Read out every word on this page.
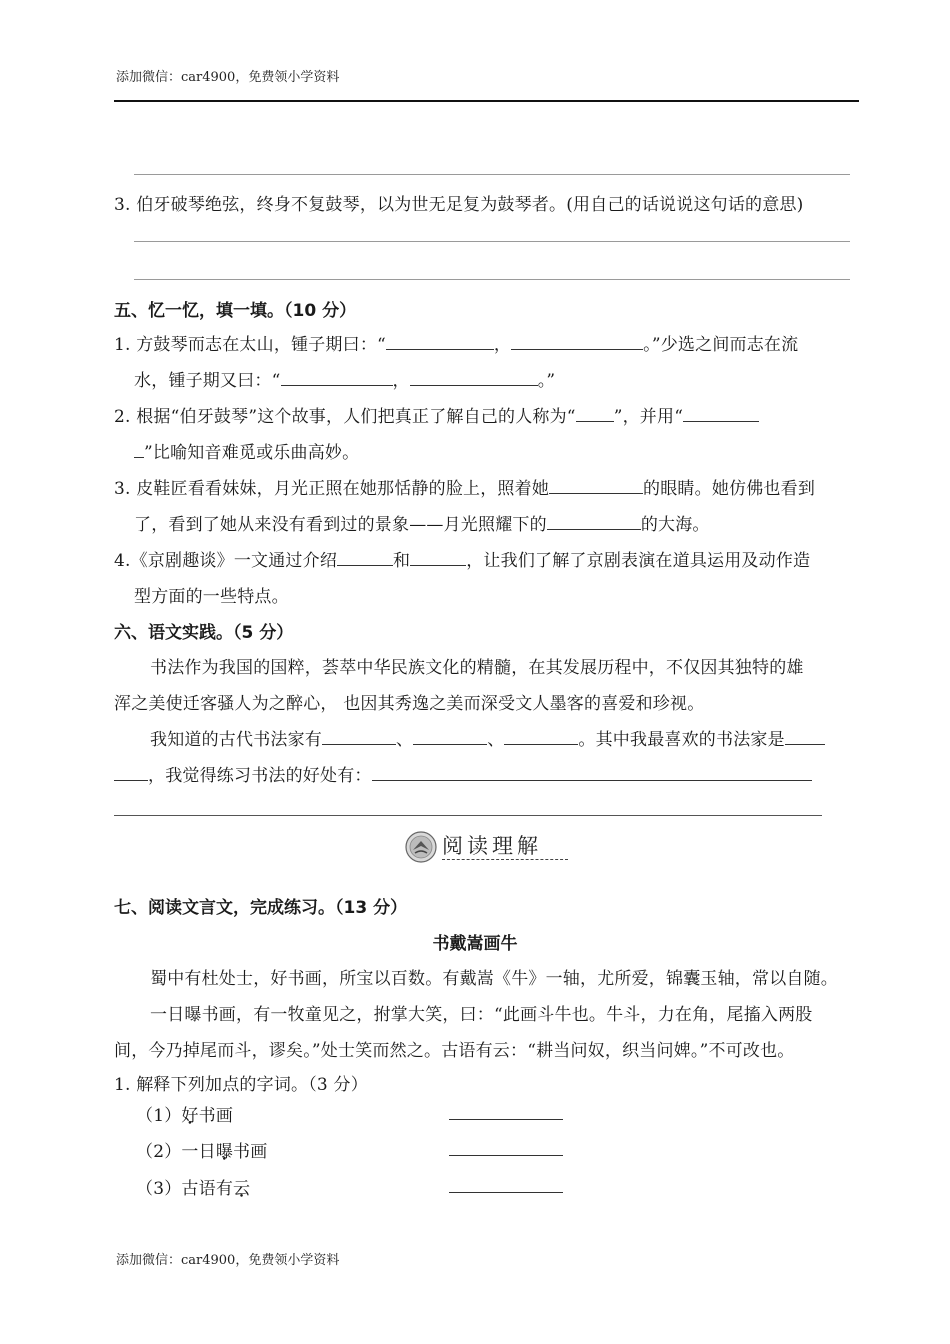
添加微信：car4900，免费领小学资料
3. 伯牙破琴绝弦，终身不复鼓琴，以为世无足复为鼓琴者。(用自己的话说说这句话的意思)
五、忆一忆，填一填。（10 分）
1. 方鼓琴而志在太山，锺子期曰：“	，	。”少选之间而志在流
水，锺子期又曰：“	，	。”
2. 根据“伯牙鼓琴”这个故事，人们把真正了解自己的人称为“ ”，并用“
”比喻知音难觅或乐曲高妙。
3. 皮鞋匠看看妹妹，月光正照在她那恬静的脸上，照着她	的眼睛。她仿佛也看到
了，看到了她从来没有看到过的景象——月光照耀下的	的大海。
4.《京剧趣谈》一文通过介绍	和	，让我们了解了京剧表演在道具运用及动作造
型方面的一些特点。
六、语文实践。（5 分）
书法作为我国的国粹，荟萃中华民族文化的精髓，在其发展历程中，不仅因其独特的雄
浑之美使迁客骚人为之醉心， 也因其秀逸之美而深受文人墨客的喜爱和珍视。
我知道的古代书法家有	、	、	。其中我最喜欢的书法家是
，我觉得练习书法的好处有：
阅读理解
七、阅读文言文，完成练习。（13 分）
书戴嵩画牛
蜀中有杜处士，好书画，所宝以百数。有戴嵩《牛》一轴，尤所爱，锦囊玉轴，常以自随。
一日曝书画，有一牧童见之，拊掌大笑，曰：“此画斗牛也。牛斗，力在角，尾搐入两股
间，今乃掉尾而斗，谬矣。”处士笑而然之。古语有云：“耕当问奴，织当问婢。”不可改也。
1. 解释下列加点的字词。（3 分）
（1）好书画
（2）一日曝书画
（3）古语有云
添加微信：car4900，免费领小学资料
